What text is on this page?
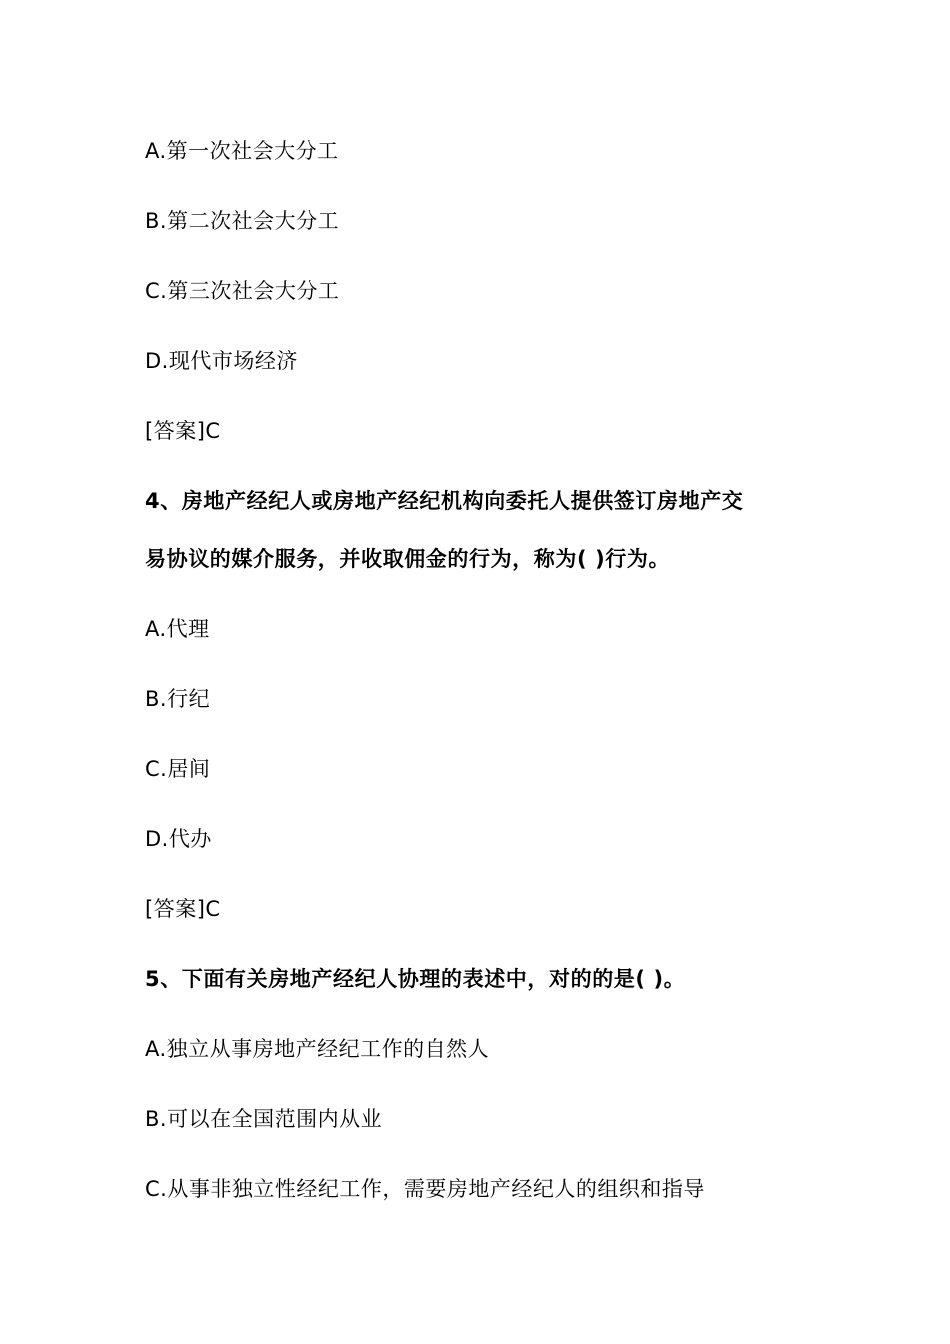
A.第一次社会大分工
B.第二次社会大分工
C.第三次社会大分工
D.现代市场经济
[答案]C
4、房地产经纪人或房地产经纪机构向委托人提供签订房地产交
易协议的媒介服务，并收取佣金的行为，称为( )行为。
A.代理
B.行纪
C.居间
D.代办
[答案]C
5、下面有关房地产经纪人协理的表述中，对的的是( )。
A.独立从事房地产经纪工作的自然人
B.可以在全国范围内从业
C.从事非独立性经纪工作，需要房地产经纪人的组织和指导
